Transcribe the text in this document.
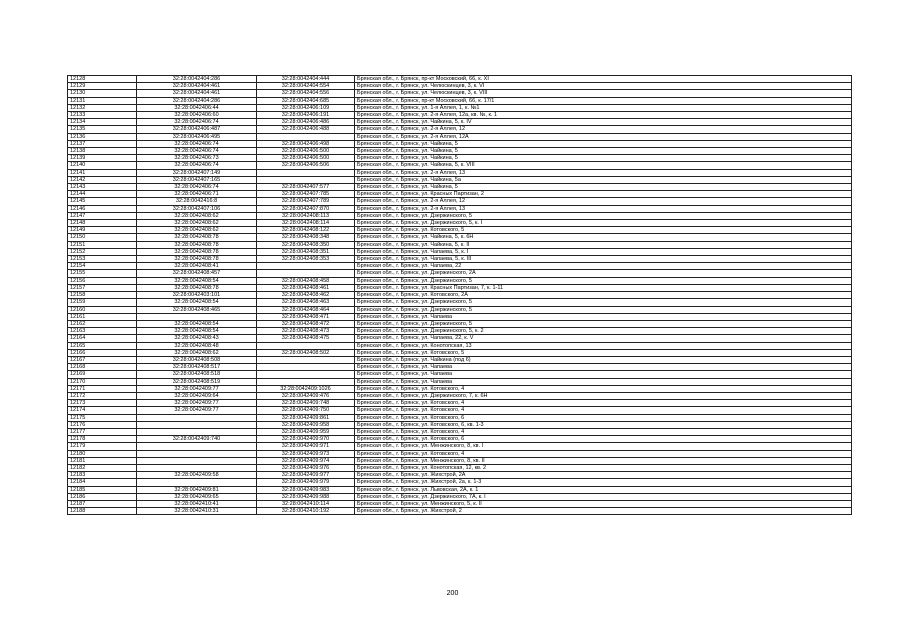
12128	32:28:0042404:286	32:28:0042404:444	Брянская обл., г. Брянск, пр-кт Московский, 66, к. XI
12129	32:28:0042404:461	32:28:0042404:554	Брянская обл., г. Брянск, ул. Челюскинцев, 3, к. VI
12130	32:28:0042404:461	32:28:0042404:556	Брянская обл., г. Брянск, ул. Челюскинцев, 3, к. VIII
12131	32:28:0042404:286	32:28:0042404:685	Брянская обл., г. Брянск, пр-кт Московский, 66, к. 17/1
12132	32:28:0042406:44	32:28:0042406:109	Брянская обл., г. Брянск, ул. 1-я Аллея, 1, к. №1
12133	32:28:0042406:60	32:28:0042406:191	Брянская обл., г. Брянск, ул. 2-я Аллея, 12а, кв. №, к. 1
12134	32:28:0042406:74	32:28:0042406:486	Брянская обл., г. Брянск, ул. Чайкина, 5, к. IV
12135	32:28:0042406:487	32:28:0042406:488	Брянская обл., г. Брянск, ул. 2-я Аллея, 12
12136	32:28:0042406:495		Брянская обл., г. Брянск, ул. 2-я Аллея, 12А
12137	32:28:0042406:74	32:28:0042406:498	Брянская обл., г. Брянск, ул. Чайкина, 5
12138	32:28:0042406:74	32:28:0042406:500	Брянская обл., г. Брянск, ул. Чайкина, 5
12139	32:28:0042406:73	32:28:0042406:500	Брянская обл., г. Брянск, ул. Чайкина, 5
12140	32:28:0042406:74	32:28:0042406:506	Брянская обл., г. Брянск, ул. Чайкина, 5, к. VIII
12141	32:28:0042407:149		Брянская обл., г. Брянск, ул. 2-я Аллея, 13
12142	32:28:0042407:165		Брянская обл., г. Брянск, ул. Чайкина, 5а
12143	32:28:0042406:74	32:28:0042407:577	Брянская обл., г. Брянск, ул. Чайкина, 5
12144	32:28:0042406:71	32:28:0042407:785	Брянская обл., г. Брянск, ул. Красных Партизан, 2
12145	32:28:0042416:8	32:28:0042407:789	Брянская обл., г. Брянск, ул. 2-я Аллея, 12
12146	32:28:0042407:106	32:28:0042407:870	Брянская обл., г. Брянск, ул. 2-я Аллея, 13
12147	32:28:0042408:62	32:28:0042408:113	Брянская обл., г. Брянск, ул. Дзержинского, 5
12148	32:28:0042408:62	32:28:0042408:114	Брянская обл., г. Брянск, ул. Дзержинского, 5, к. I
12149	32:28:0042408:62	32:28:0042408:122	Брянская обл., г. Брянск, ул. Котовского, 5
12150	32:28:0042408:78	32:28:0042408:348	Брянская обл., г. Брянск, ул. Чайкина, 5, к. 6Н
12151	32:28:0042408:78	32:28:0042408:350	Брянская обл., г. Брянск, ул. Чайкина, 5, к. II
12152	32:28:0042408:78	32:28:0042408:351	Брянская обл., г. Брянск, ул. Чапаева, 5, к. I
12153	32:28:0042408:78	32:28:0042408:353	Брянская обл., г. Брянск, ул. Чапаева, 5, к. III
12154	32:28:0042408:41		Брянская обл., г. Брянск, ул. Чапаева, 22
12155	32:28:0042408:457		Брянская обл., г. Брянск, ул. Дзержинского, 2А
12156	32:28:0042408:54	32:28:0042408:458	Брянская обл., г. Брянск, ул. Дзержинского, 5
12157	32:28:0042408:78	32:28:0042408:461	Брянская обл., г. Брянск, ул. Красных Партизан, 7, к. 1-11
12158	32:28:0042403:101	32:28:0042408:462	Брянская обл., г. Брянск, ул. Котовского, 2А
12159	32:28:0042408:54	32:28:0042408:463	Брянская обл., г. Брянск, ул. Дзержинского, 5
12160	32:28:0042408:465	32:28:0042408:464	Брянская обл., г. Брянск, ул. Дзержинского, 5
12161		32:28:0042408:471	Брянская обл., г. Брянск, ул. Чапаева
12162	32:28:0042408:54	32:28:0042408:472	Брянская обл., г. Брянск, ул. Дзержинского, 5
12163	32:28:0042408:54	32:28:0042408:473	Брянская обл., г. Брянск, ул. Дзержинского, 5, к. 2
12164	32:28:0042408:43	32:28:0042408:475	Брянская обл., г. Брянск, ул. Чапаева, 22, к. V
12165	32:28:0042408:48		Брянская обл., г. Брянск, ул. Конотопская, 13
12166	32:28:0042408:62	32:28:0042408:502	Брянская обл., г. Брянск, ул. Котовского, 5
12167	32:28:0042408:508		Брянская обл., г. Брянск, ул. Чайкина (под 6)
12168	32:28:0042408:517		Брянская обл., г. Брянск, ул. Чапаева
12169	32:28:0042408:518		Брянская обл., г. Брянск, ул. Чапаева
12170	32:28:0042408:519		Брянская обл., г. Брянск, ул. Чапаева
12171	32:28:0042409:77	32:28:0042409:1026	Брянская обл., г. Брянск, ул. Котовского, 4
12172	32:28:0042409:64	32:28:0042409:476	Брянская обл., г. Брянск, ул. Дзержинского, 7, к. 6Н
12173	32:28:0042409:77	32:28:0042409:748	Брянская обл., г. Брянск, ул. Котовского, 4
12174	32:28:0042409:77	32:28:0042409:750	Брянская обл., г. Брянск, ул. Котовского, 4
12175		32:28:0042409:861	Брянская обл., г. Брянск, ул. Котовского, 6
12176		32:28:0042409:958	Брянская обл., г. Брянск, ул. Котовского, 6, кв. 1-3
12177		32:28:0042409:959	Брянская обл., г. Брянск, ул. Котовского, 4
12178	32:28:0042409:740	32:28:0042409:970	Брянская обл., г. Брянск, ул. Котовского, 6
12179		32:28:0042409:971	Брянская обл., г. Брянск, ул. Менжинского, 8, кв. I
12180		32:28:0042409:973	Брянская обл., г. Брянск, ул. Котовского, 4
12181		32:28:0042409:974	Брянская обл., г. Брянск, ул. Менжинского, 8, кв. II
12182		32:28:0042409:976	Брянская обл., г. Брянск, ул. Конотопская, 12, кв. 2
12183	32:28:0042409:58	32:28:0042409:977	Брянская обл., г. Брянск, ул. Жихстрой, 2А
12184		32:28:0042409:979	Брянская обл., г. Брянск, ул. Жихстрой, 2а, к. 1-3
12185	32:28:0042409:81	32:28:0042409:983	Брянская обл., г. Брянск, ул. Львовская, 2А, к. 1
12186	32:28:0042409:65	32:28:0042409:988	Брянская обл., г. Брянск, ул. Дзержинского, 7А, к. I
12187	32:28:0042410:41	32:28:0042410:114	Брянская обл., г. Брянск, ул. Менжинского, 5, к. II
12188	32:28:0042410:31	32:28:0042410:192	Брянская обл., г. Брянск, ул. Жихстрой, 2
200
